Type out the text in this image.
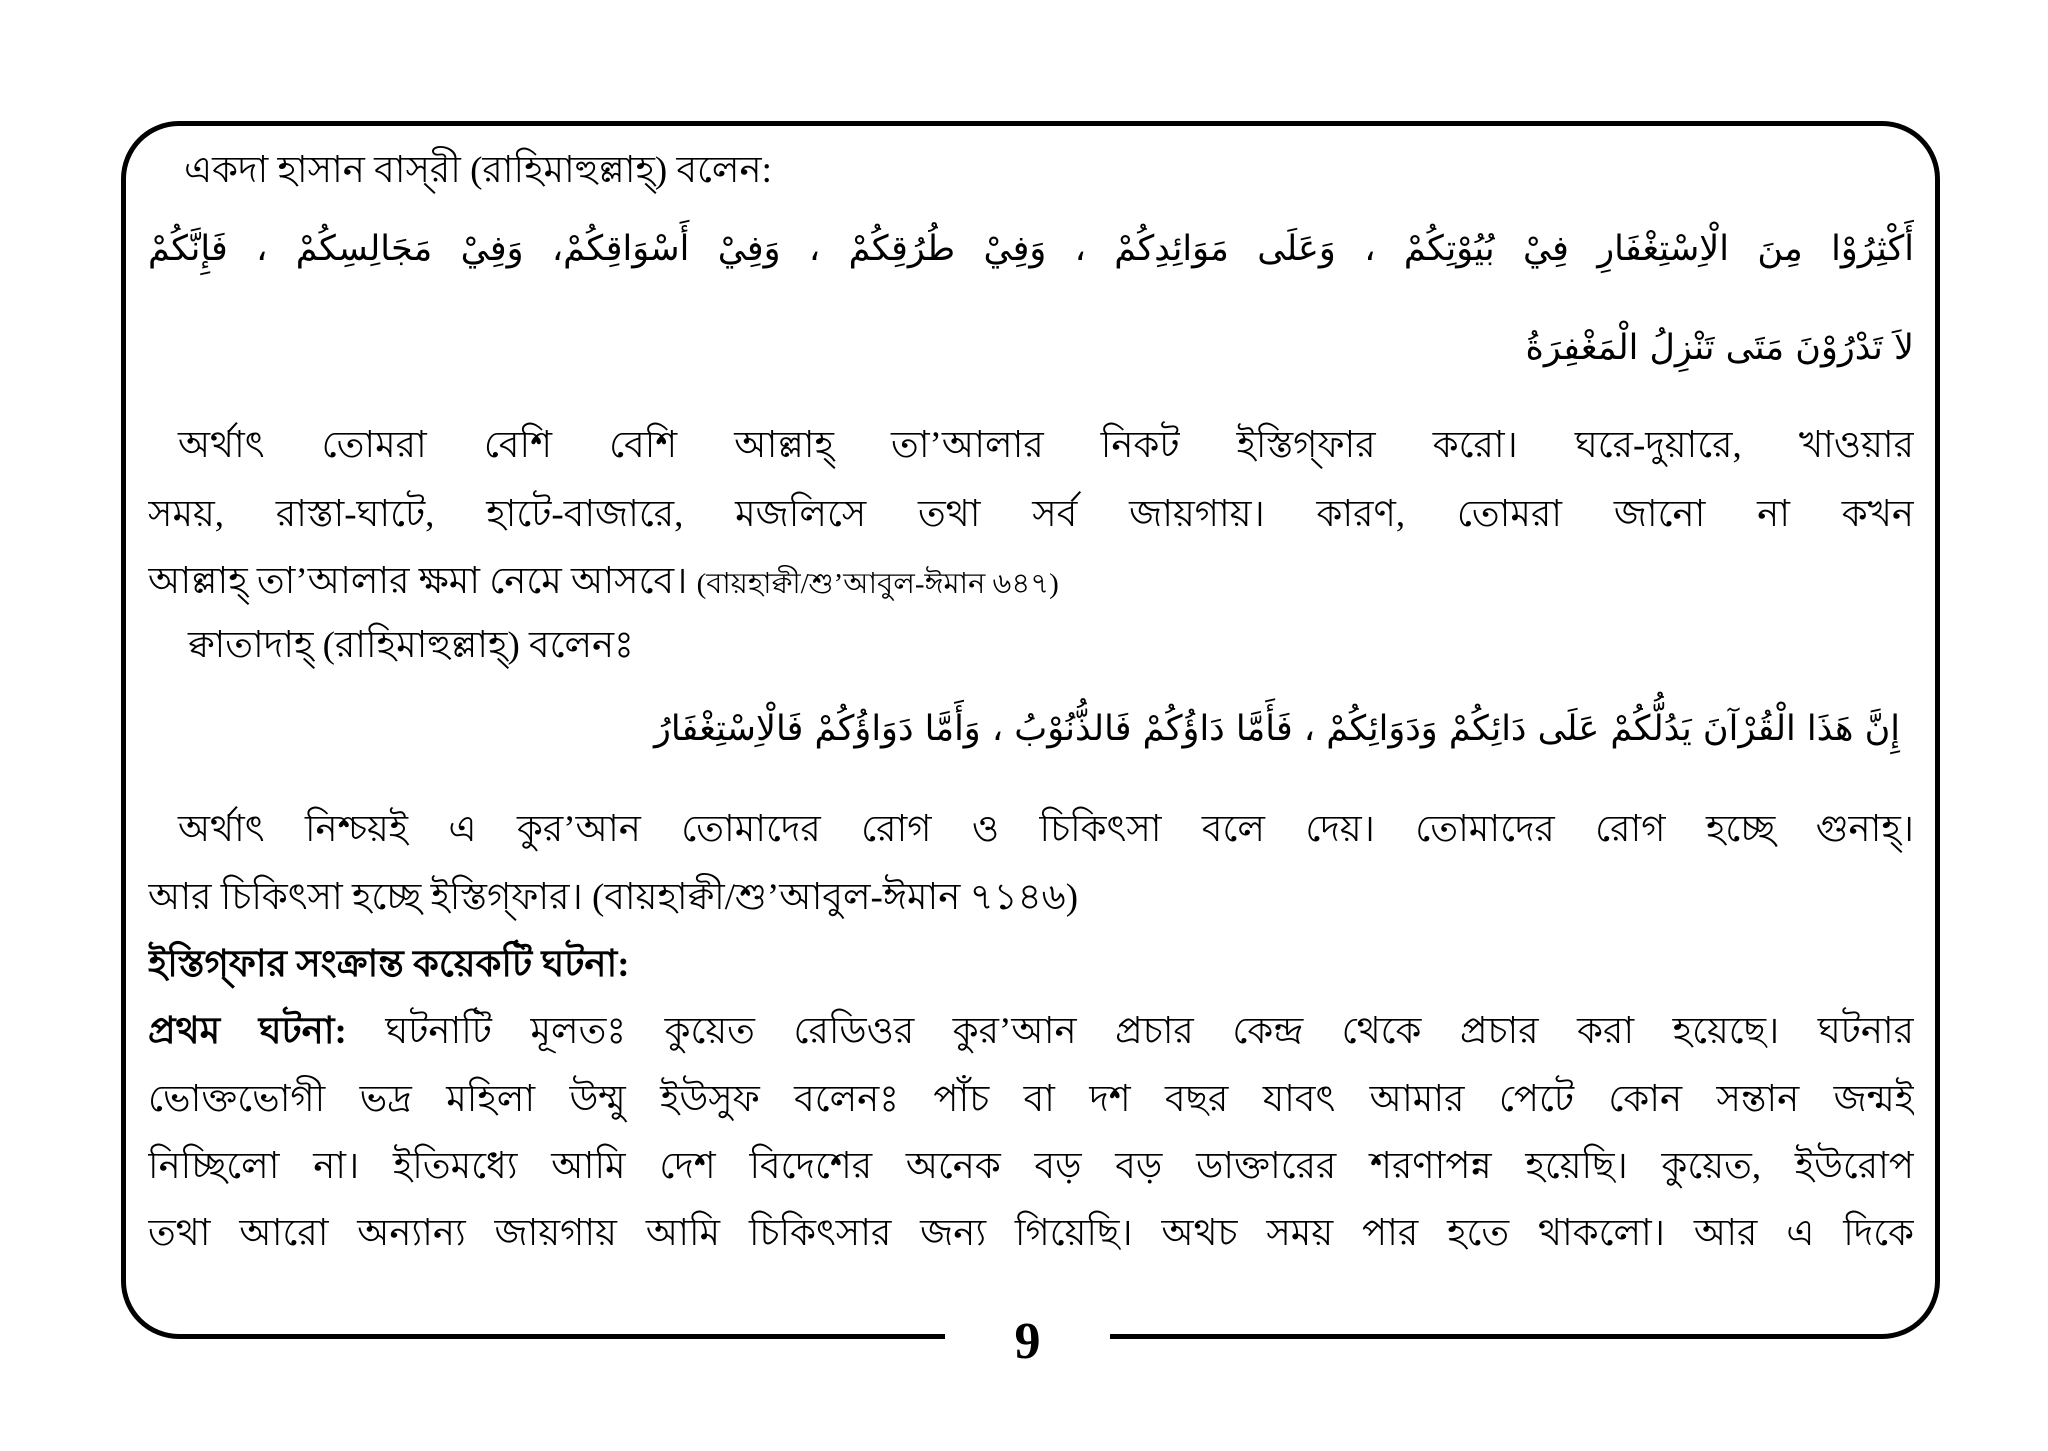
একদা হাসান বাস্‌রী (রাহিমাহুল্লাহ্) বলেন:
أَكْثِرُوْا مِنَ الْاِسْتِغْفَارِ فِيْ بُيُوْتِكُمْ ، وَعَلَى مَوَائِدِكُمْ ، وَفِيْ طُرُقِكُمْ ، وَفِيْ أَسْوَاقِكُمْ، وَفِيْ مَجَالِسِكُمْ ، فَإِنَّكُمْ
لاَ تَدْرُوْنَ مَتَى تَنْزِلُ الْمَغْفِرَةُ
অর্থাৎ তোমরা বেশি বেশি আল্লাহ্ তা’আলার নিকট ইস্তিগ্‌ফার করো। ঘরে-দুয়ারে, খাওয়ার
সময়, রাস্তা-ঘাটে, হাটে-বাজারে, মজলিসে তথা সর্ব জায়গায়। কারণ, তোমরা জানো না কখন
আল্লাহ্ তা’আলার ক্ষমা নেমে আসবে। (বায়হাক্বী/শু’আবুল-ঈমান ৬৪৭)
ক্বাতাদাহ্ (রাহিমাহুল্লাহ্) বলেনঃ
إِنَّ هَذَا الْقُرْآنَ يَدُلُّكُمْ عَلَى دَائِكُمْ وَدَوَائِكُمْ ، فَأَمَّا دَاؤُكُمْ فَالذُّنُوْبُ ، وَأَمَّا دَوَاؤُكُمْ فَالْاِسْتِغْفَارُ
অর্থাৎ নিশ্চয়ই এ কুর’আন তোমাদের রোগ ও চিকিৎসা বলে দেয়। তোমাদের রোগ হচ্ছে গুনাহ্।
আর চিকিৎসা হচ্ছে ইস্তিগ্‌ফার। (বায়হাক্বী/শু’আবুল-ঈমান ৭১৪৬)
ইস্তিগ্‌ফার সংক্রান্ত কয়েকটি ঘটনা:
প্রথম ঘটনা: ঘটনাটি মূলতঃ কুয়েত রেডিওর কুর’আন প্রচার কেন্দ্র থেকে প্রচার করা হয়েছে। ঘটনার
ভোক্তভোগী ভদ্র মহিলা উম্মু ইউসুফ বলেনঃ পাঁচ বা দশ বছর যাবৎ আমার পেটে কোন সন্তান জন্মই
নিচ্ছিলো না। ইতিমধ্যে আমি দেশ বিদেশের অনেক বড় বড় ডাক্তারের শরণাপন্ন হয়েছি। কুয়েত, ইউরোপ
তথা আরো অন্যান্য জায়গায় আমি চিকিৎসার জন্য গিয়েছি। অথচ সময় পার হতে থাকলো। আর এ দিকে
9
